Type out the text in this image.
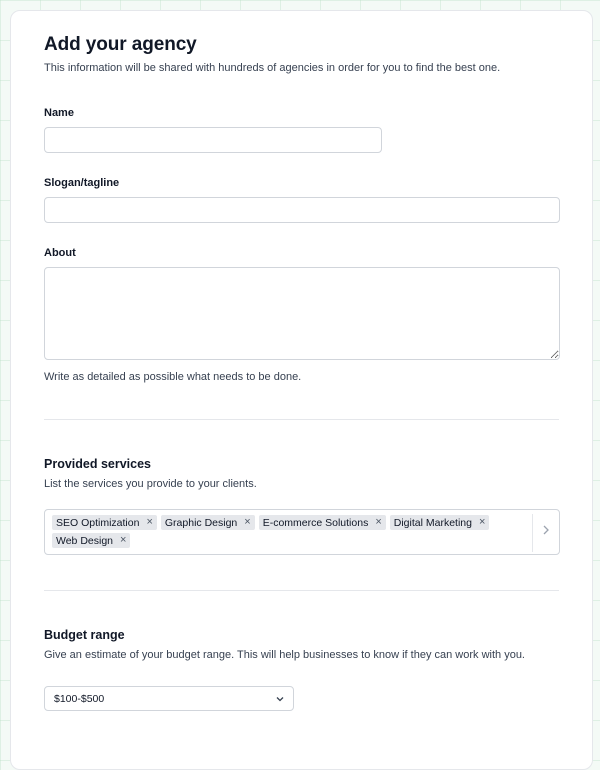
Add your agency
This information will be shared with hundreds of agencies in order for you to find the best one.
Name
Slogan/tagline
About
Write as detailed as possible what needs to be done.
Provided services
List the services you provide to your clients.
SEO Optimization × Graphic Design × E-commerce Solutions × Digital Marketing ×
Web Design ×
Budget range
Give an estimate of your budget range. This will help businesses to know if they can work with you.
$100-$500
